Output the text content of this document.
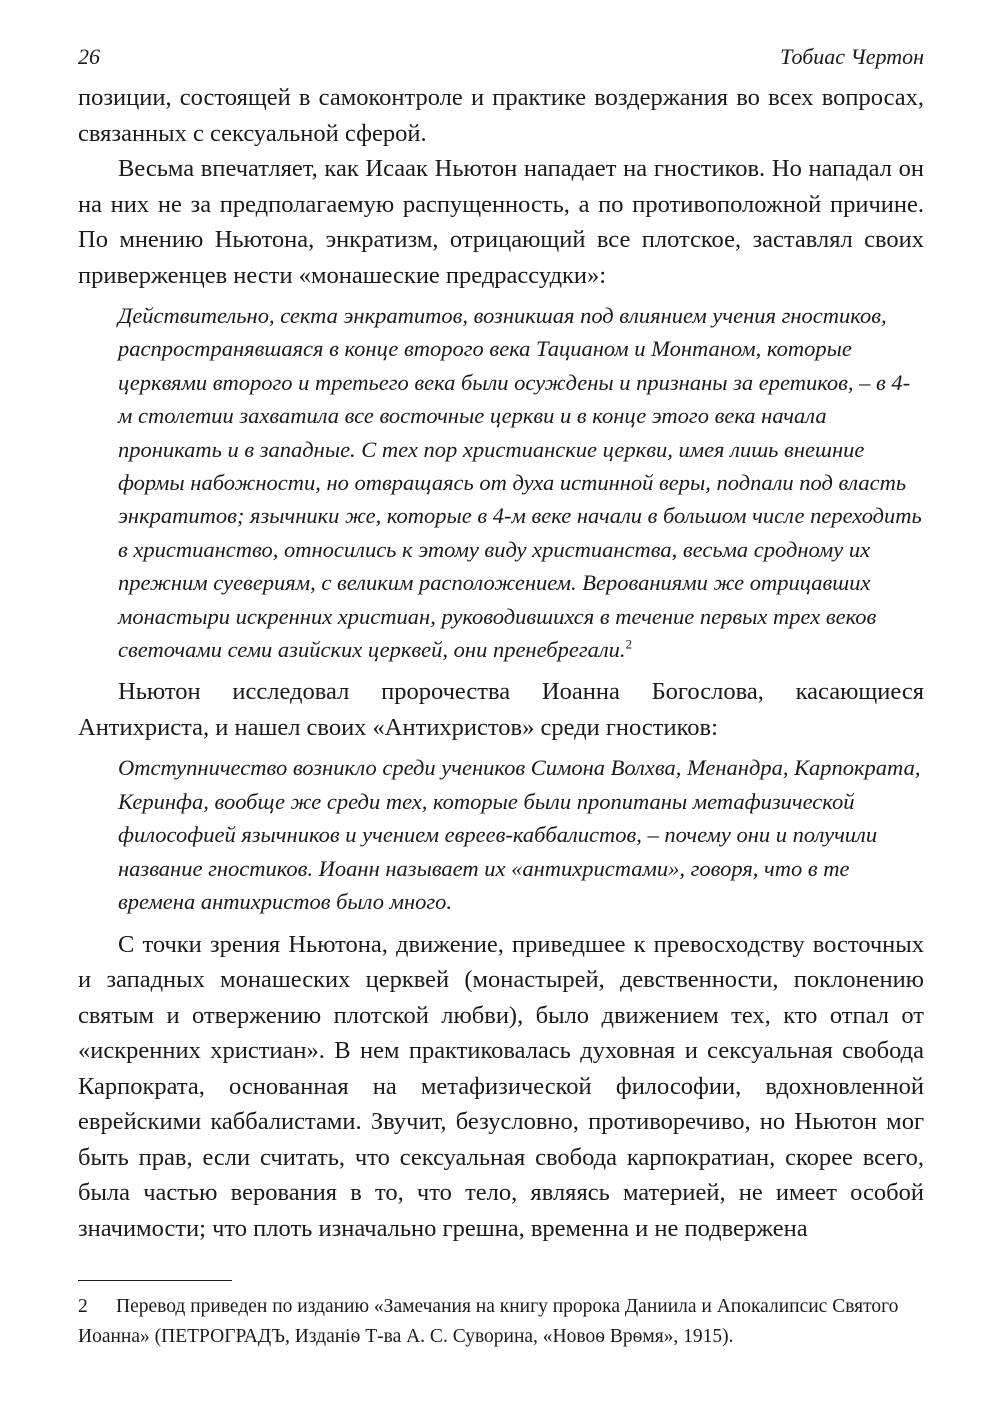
26	Тобиас Чертон

позиции, состоящей в самоконтроле и практике воздержания во всех вопросах, связанных с сексуальной сферой.

Весьма впечатляет, как Исаак Ньютон нападает на гностиков. Но нападал он на них не за предполагаемую распущенность, а по противоположной причине. По мнению Ньютона, энкратизм, отрицающий все плотское, заставлял своих приверженцев нести «монашеские предрассудки»:

Действительно, секта энкратитов, возникшая под влиянием учения гностиков, распространявшаяся в конце второго века Тацианом и Монтаном, которые церквями второго и третьего века были осуждены и признаны за еретиков, – в 4-м столетии захватила все восточные церкви и в конце этого века начала проникать и в западные. С тех пор христианские церкви, имея лишь внешние формы набожности, но отвращаясь от духа истинной веры, подпали под власть энкратитов; язычники же, которые в 4-м веке начали в большом числе переходить в христианство, относились к этому виду христианства, весьма сродному их прежним суевериям, с великим расположением. Верованиями же отрицавших монастыри искренних христиан, руководившихся в течение первых трех веков светочами семи азийских церквей, они пренебрегали.$^2$

Ньютон исследовал пророчества Иоанна Богослова, касающиеся Антихриста, и нашел своих «Антихристов» среди гностиков:

Отступничество возникло среди учеников Симона Волхва, Менандра, Карпократа, Керинфа, вообще же среди тех, которые были пропитаны метафизической философией язычников и учением евреев-каббалистов, – почему они и получили название гностиков. Иоанн называет их «антихристами», говоря, что в те времена антихристов было много.

С точки зрения Ньютона, движение, приведшее к превосходству восточных и западных монашеских церквей (монастырей, девственности, поклонению святым и отвержению плотской любви), было движением тех, кто отпал от «искренних христиан». В нем практиковалась духовная и сексуальная свобода Карпократа, основанная на метафизической философии, вдохновленной еврейскими каббалистами. Звучит, безусловно, противоречиво, но Ньютон мог быть прав, если считать, что сексуальная свобода карпократиан, скорее всего, была частью верования в то, что тело, являясь материей, не имеет особой значимости; что плоть изначально грешна, временна и не подвержена

2 Перевод приведен по изданию «Замечания на книгу пророка Даниила и Апокалипсис Святого Иоанна» (ПЕТРОГРАДЪ, Изданiѳ Т-ва А. С. Суворина, «Новоѳ Врѳмя», 1915).
